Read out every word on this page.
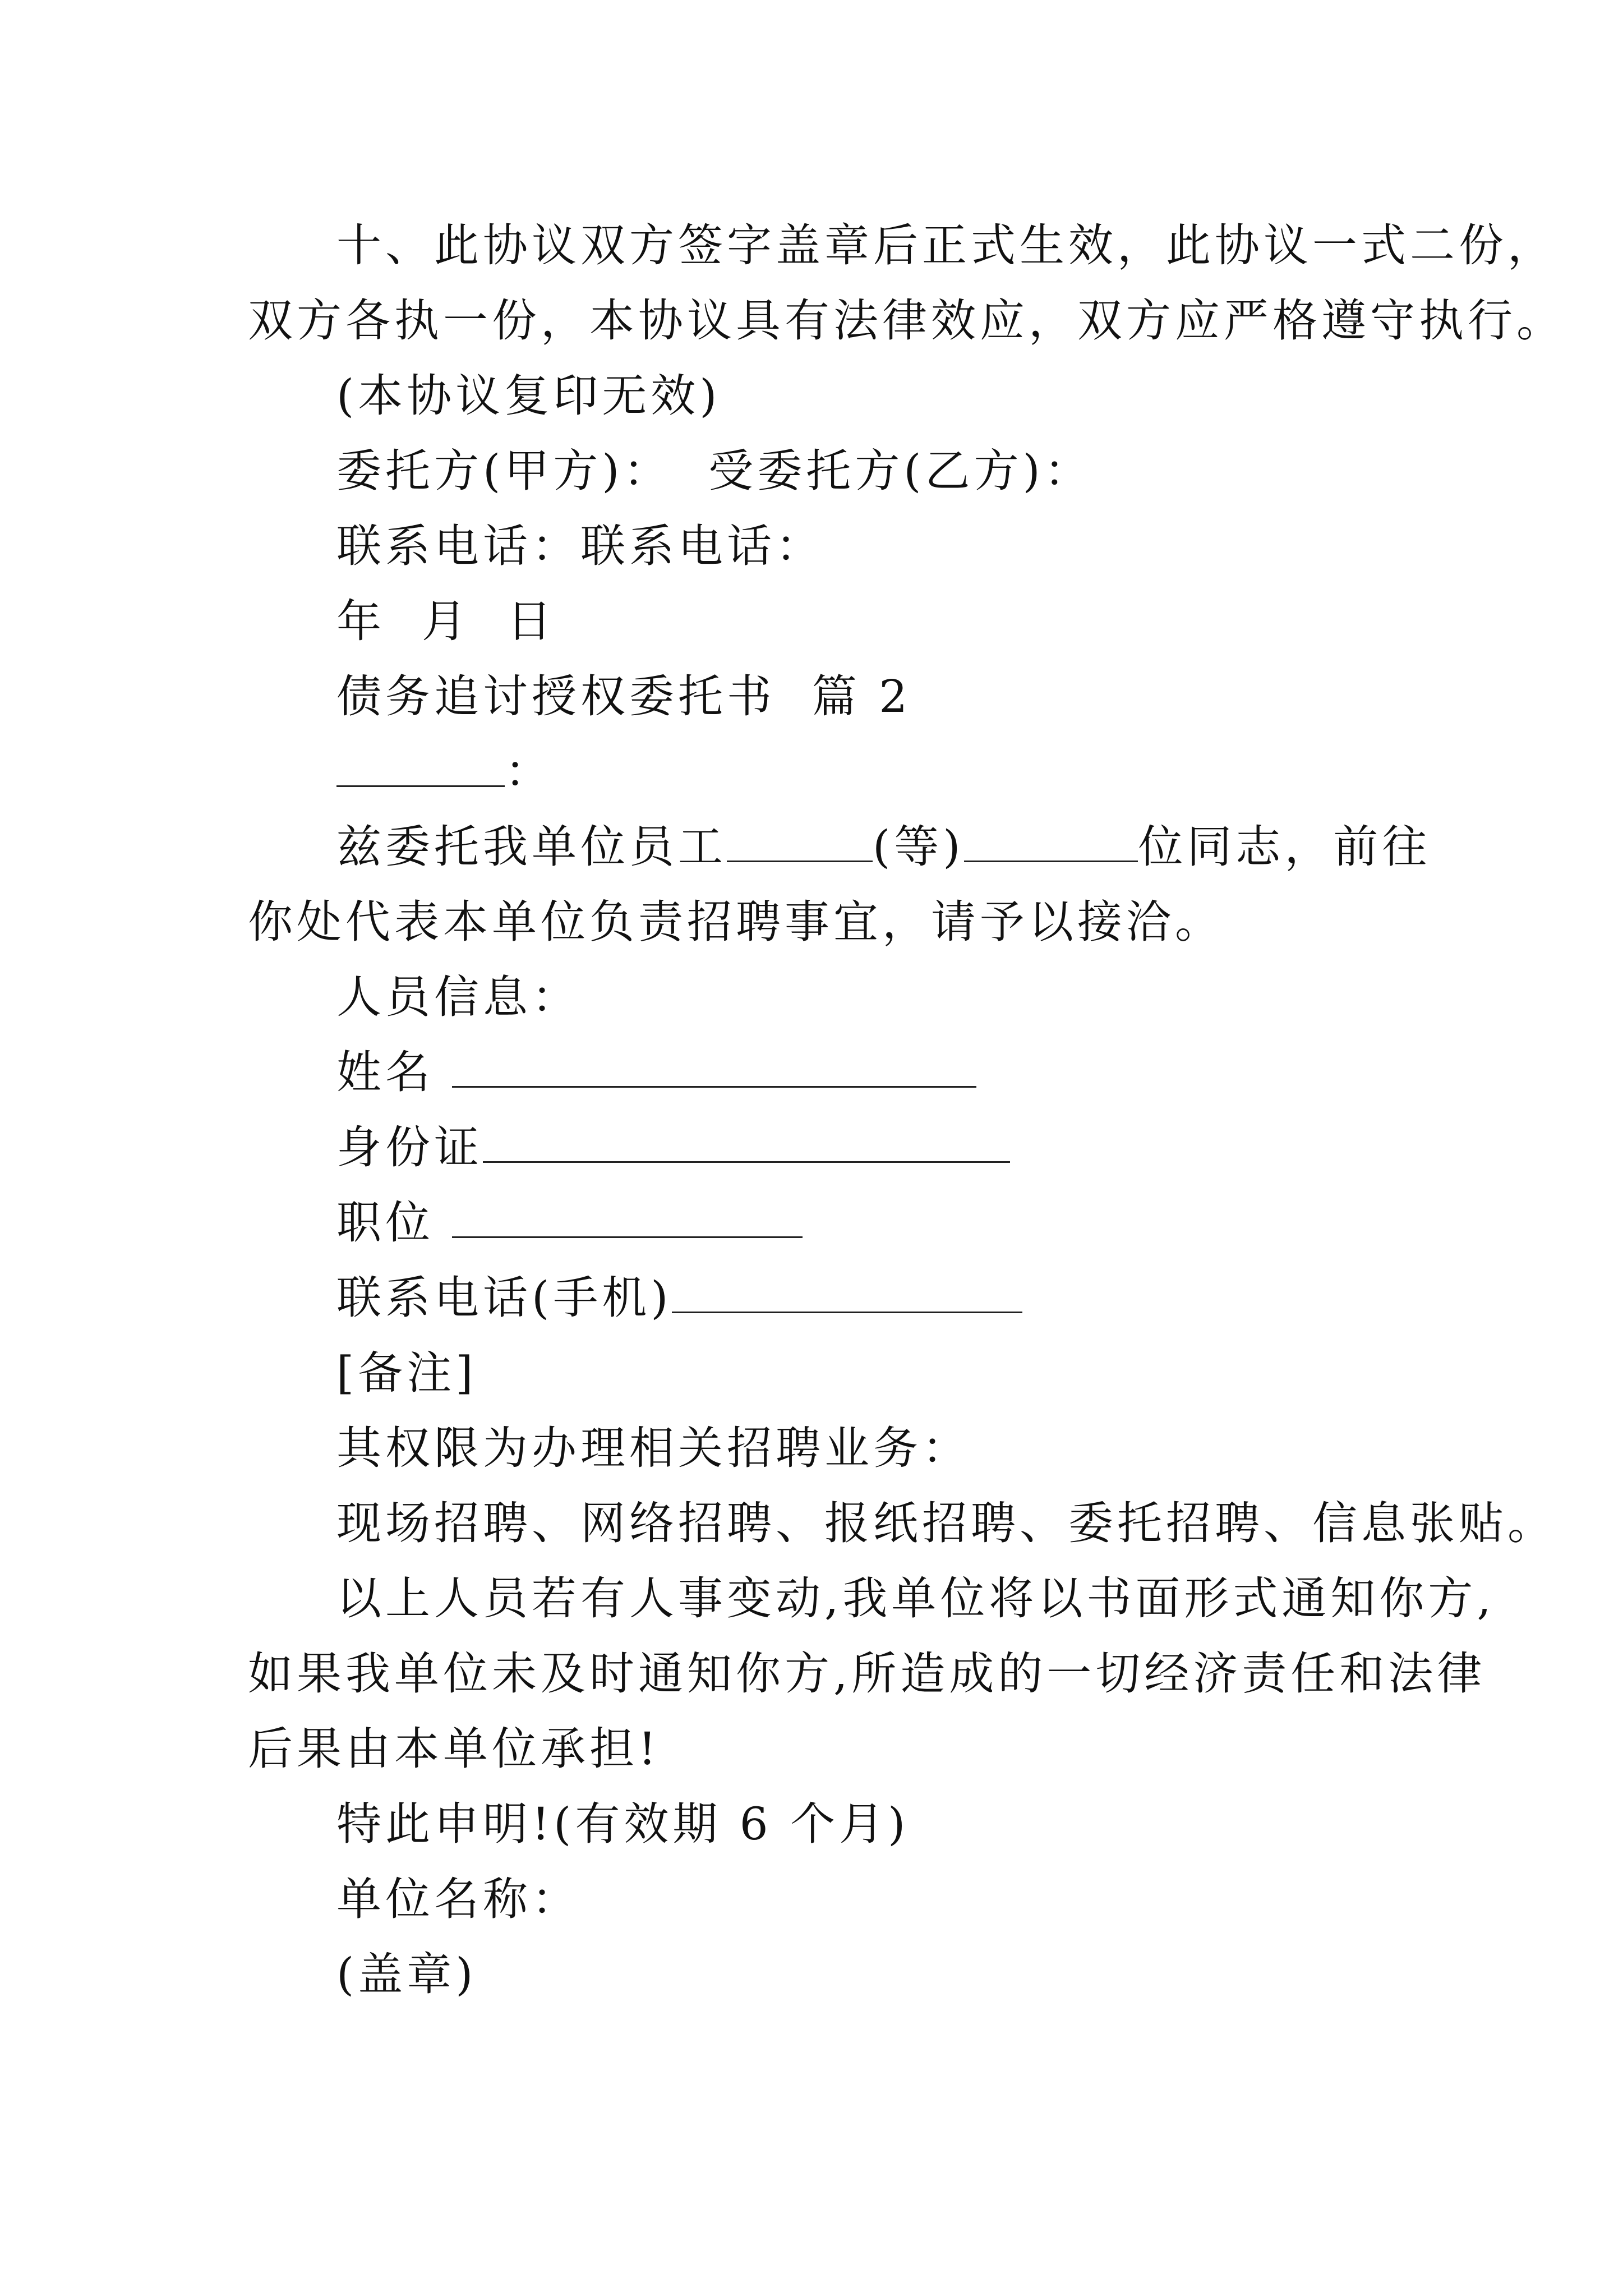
十、此协议双方签字盖章后正式生效，此协议一式二份，
双方各执一份，本协议具有法律效应，双方应严格遵守执行。
(本协议复印无效)
委托方(甲方)：  受委托方(乙方)：
联系电话：联系电话：
年  月  日
债务追讨授权委托书  篇 2
：
兹委托我单位员工	(等)	位同志，前往
你处代表本单位负责招聘事宜，请予以接洽。
人员信息：
姓名
身份证
职位
联系电话(手机)
[备注]
其权限为办理相关招聘业务：
现场招聘、网络招聘、报纸招聘、委托招聘、信息张贴。
以上人员若有人事变动,我单位将以书面形式通知你方,
如果我单位未及时通知你方,所造成的一切经济责任和法律
后果由本单位承担!
特此申明!(有效期 6 个月)
单位名称：
(盖章)
